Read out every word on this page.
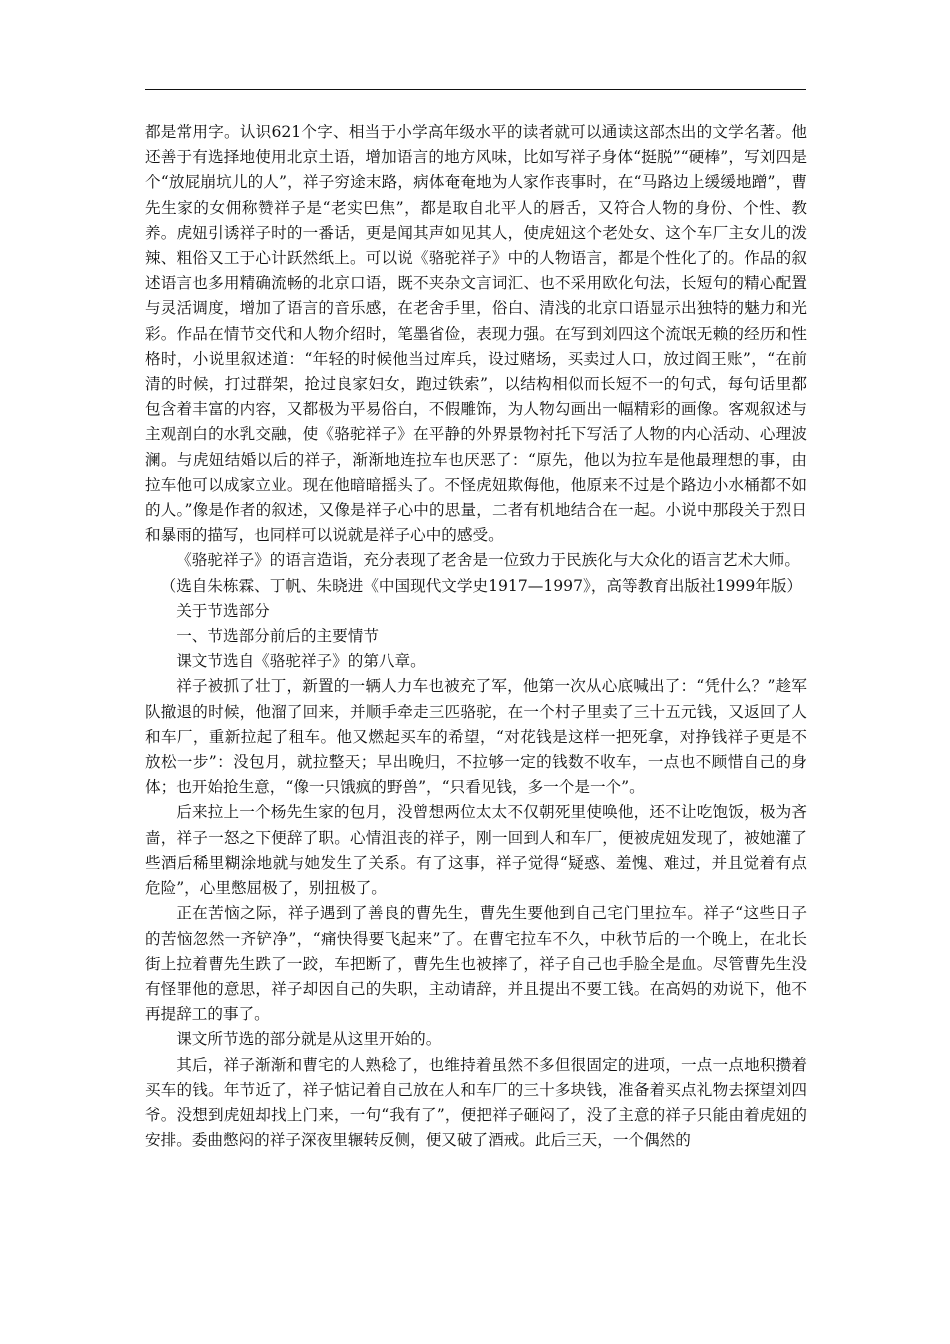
都是常用字。认识621个字、相当于小学高年级水平的读者就可以通读这部杰出的文学名著。他还善于有选择地使用北京土语，增加语言的地方风味，比如写祥子身体“挺脱”“硬棒”，写刘四是个“放屁崩坑儿的人”，祥子穷途末路，病体奄奄地为人家作丧事时，在“马路边上缓缓地蹭”，曹先生家的女佣称赞祥子是“老实巴焦”，都是取自北平人的唇舌，又符合人物的身份、个性、教养。虎妞引诱祥子时的一番话，更是闻其声如见其人，使虎妞这个老处女、这个车厂主女儿的泼辣、粗俗又工于心计跃然纸上。可以说《骆驼祥子》中的人物语言，都是个性化了的。作品的叙述语言也多用精确流畅的北京口语，既不夹杂文言词汇、也不采用欧化句法，长短句的精心配置与灵活调度，增加了语言的音乐感，在老舍手里，俗白、清浅的北京口语显示出独特的魅力和光彩。作品在情节交代和人物介绍时，笔墨省俭，表现力强。在写到刘四这个流氓无赖的经历和性格时，小说里叙述道：“年轻的时候他当过库兵，设过赌场，买卖过人口，放过阎王账”，“在前清的时候，打过群架，抢过良家妇女，跑过铁索”，以结构相似而长短不一的句式，每句话里都包含着丰富的内容，又都极为平易俗白，不假雕饰，为人物勾画出一幅精彩的画像。客观叙述与主观剖白的水乳交融，使《骆驼祥子》在平静的外界景物衬托下写活了人物的内心活动、心理波澜。与虎妞结婚以后的祥子，渐渐地连拉车也厌恶了：“原先，他以为拉车是他最理想的事，由拉车他可以成家立业。现在他暗暗摇头了。不怪虎妞欺侮他，他原来不过是个路边小水桶都不如的人。”像是作者的叙述，又像是祥子心中的思量，二者有机地结合在一起。小说中那段关于烈日和暴雨的描写，也同样可以说就是祥子心中的感受。

《骆驼祥子》的语言造诣，充分表现了老舍是一位致力于民族化与大众化的语言艺术大师。

（选自朱栋霖、丁帆、朱晓进《中国现代文学史1917—1997》，高等教育出版社1999年版）

关于节选部分

一、节选部分前后的主要情节

课文节选自《骆驼祥子》的第八章。

祥子被抓了壮丁，新置的一辆人力车也被充了军，他第一次从心底喊出了：“凭什么？”趁军队撤退的时候，他溜了回来，并顺手牵走三匹骆驼，在一个村子里卖了三十五元钱，又返回了人和车厂，重新拉起了租车。他又燃起买车的希望，“对花钱是这样一把死拿，对挣钱祥子更是不放松一步”：没包月，就拉整天；早出晚归，不拉够一定的钱数不收车，一点也不顾惜自己的身体；也开始抢生意，“像一只饿疯的野兽”，“只看见钱，多一个是一个”。

后来拉上一个杨先生家的包月，没曾想两位太太不仅朝死里使唤他，还不让吃饱饭，极为吝啬，祥子一怒之下便辞了职。心情沮丧的祥子，刚一回到人和车厂，便被虎妞发现了，被她灌了些酒后稀里糊涂地就与她发生了关系。有了这事，祥子觉得“疑惑、羞愧、难过，并且觉着有点危险”，心里憋屈极了，别扭极了。

正在苦恼之际，祥子遇到了善良的曹先生，曹先生要他到自己宅门里拉车。祥子“这些日子的苦恼忽然一齐铲净”，“痛快得要飞起来”了。在曹宅拉车不久，中秋节后的一个晚上，在北长街上拉着曹先生跌了一跤，车把断了，曹先生也被摔了，祥子自己也手脸全是血。尽管曹先生没有怪罪他的意思，祥子却因自己的失职，主动请辞，并且提出不要工钱。在高妈的劝说下，他不再提辞工的事了。

课文所节选的部分就是从这里开始的。

其后，祥子渐渐和曹宅的人熟稔了，也维持着虽然不多但很固定的进项，一点一点地积攒着买车的钱。年节近了，祥子惦记着自己放在人和车厂的三十多块钱，准备着买点礼物去探望刘四爷。没想到虎妞却找上门来，一句“我有了”，便把祥子砸闷了，没了主意的祥子只能由着虎妞的安排。委曲憋闷的祥子深夜里辗转反侧，便又破了酒戒。此后三天，一个偶然的
